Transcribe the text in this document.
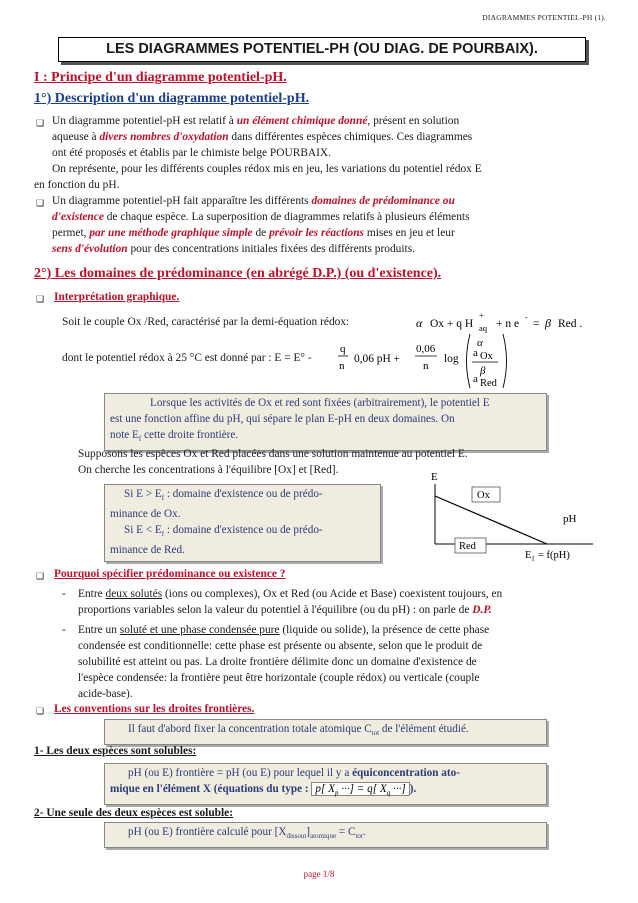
DIAGRAMMES POTENTIEL-PH (1).
LES DIAGRAMMES POTENTIEL-PH (OU DIAG. DE POURBAIX).
I : Principe d'un diagramme potentiel-pH.
1°) Description d'un diagramme potentiel-pH.
❑ Un diagramme potentiel-pH est relatif à un élément chimique donné, présent en solution
aqueuse à divers nombres d'oxydation dans différentes espèces chimiques. Ces diagrammes
ont été proposés et établis par le chimiste belge POURBAIX.
On représente, pour les différents couples rédox mis en jeu, les variations du potentiel rédox E
en fonction du pH.
❑ Un diagramme potentiel-pH fait apparaître les différents domaines de prédominance ou
d'existence de chaque espèce. La superposition de diagrammes relatifs à plusieurs éléments
permet, par une méthode graphique simple de prévoir les réactions mises en jeu et leur
sens d'évolution pour des concentrations initiales fixées des différents produits.
2°) Les domaines de prédominance (en abrégé D.P.) (ou d'existence).
❑ Interprétation graphique.
Soit le couple Ox /Red, caractérisé par la demi-équation rédox:	α Ox + q H
+
aq + n e
-
= β Red .
dont le potentiel rédox à 25 °C est donné par : E = E° -
q
n
0,06 pH +
0,06
n
log
α
a Ox
β
a Red
Lorsque les activités de Ox et red sont fixées (arbitrairement), le potentiel E
est une fonction affine du pH, qui sépare le plan E-pH en deux domaines. On
note $E_f$ cette droite frontière.
Supposons les espèces Ox et Red placées dans une solution maintenue au potentiel E.
On cherche les concentrations à l'équilibre [Ox] et [Red].
Si $E > E_f$ : domaine d'existence ou de prédo-
minance de Ox.
Si $E < E_f$ : domaine d'existence ou de prédo-
minance de Red.
E
pH
Ox
Red
E f = f(pH)
❑ Pourquoi spécifier prédominance ou existence ?
- Entre deux solutés (ions ou complexes), Ox et Red (ou Acide et Base) coexistent toujours, en
proportions variables selon la valeur du potentiel à l'équilibre (ou du pH) : on parle de D.P.
- Entre un soluté et une phase condensée pure (liquide ou solide), la présence de cette phase
condensée est conditionnelle: cette phase est présente ou absente, selon que le produit de
solubilité est atteint ou pas. La droite frontière délimite donc un domaine d'existence de
l'espèce condensée: la frontière peut être horizontale (couple rédox) ou verticale (couple
acide-base).
❑ Les conventions sur les droites frontières.
Il faut d'abord fixer la concentration totale atomique $C_{tot}$ de l'élément étudié.
1- Les deux espèces sont solubles:
pH (ou E) frontière = pH (ou E) pour lequel il y a équiconcentration ato-
mique en l'élément X (équations du type : p[ $X_p$ ···] = q[ $X_q$ ···] ).
2- Une seule des deux espèces est soluble:
pH (ou E) frontière calculé pour $[X_{dissout}]_{atomique} = C_{tot}$.
page 1/8
